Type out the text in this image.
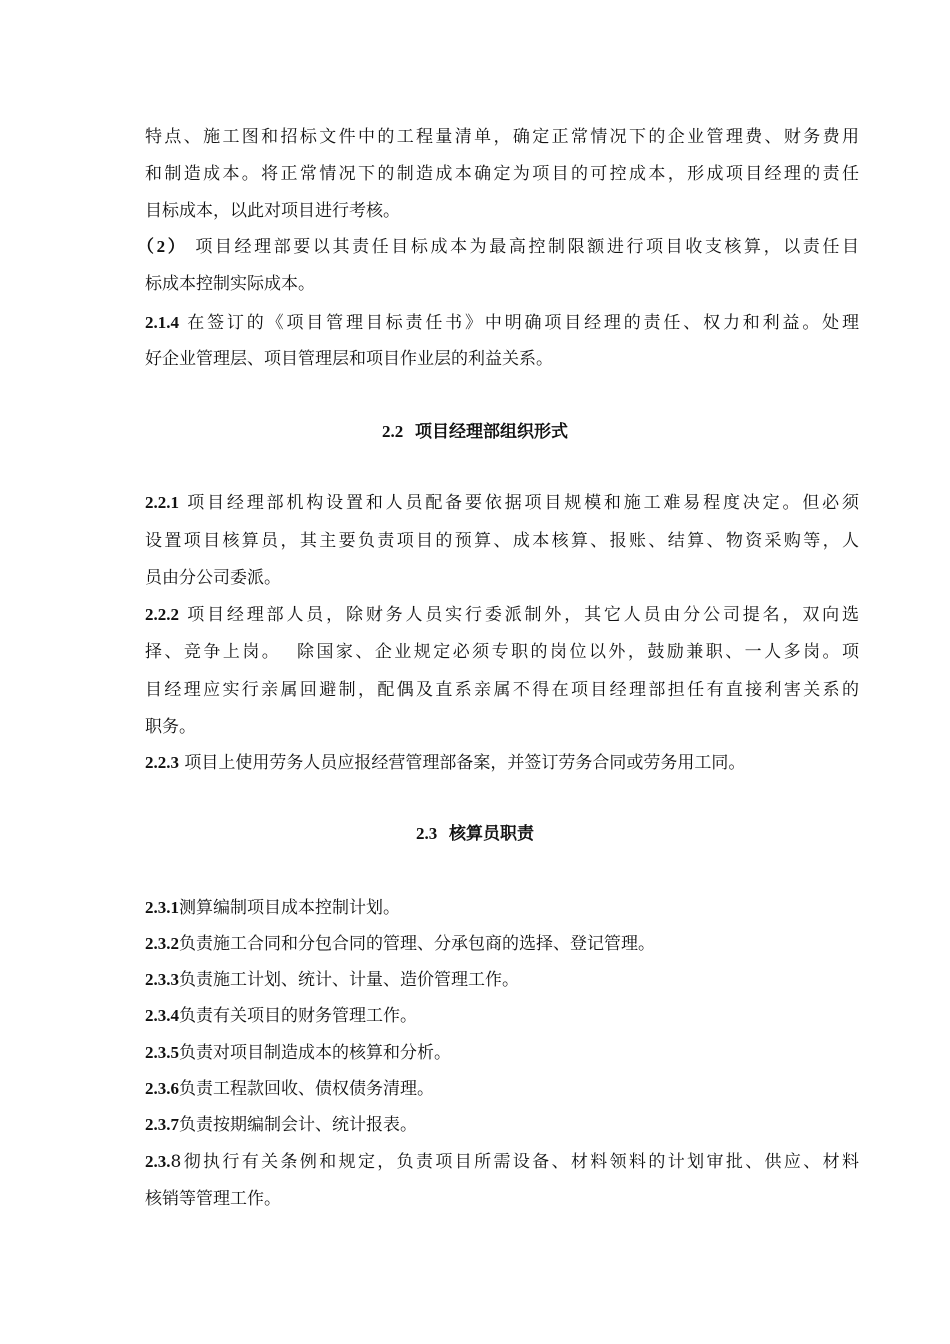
特点、施工图和招标文件中的工程量清单，确定正常情况下的企业管理费、财务费用
和制造成本。将正常情况下的制造成本确定为项目的可控成本，形成项目经理的责任
目标成本，以此对项目进行考核。
（2） 项目经理部要以其责任目标成本为最高控制限额进行项目收支核算，以责任目
标成本控制实际成本。
2.1.4 在签订的《项目管理目标责任书》中明确项目经理的责任、权力和利益。处理
好企业管理层、项目管理层和项目作业层的利益关系。
2.2 项目经理部组织形式
2.2.1 项目经理部机构设置和人员配备要依据项目规模和施工难易程度决定。但必须
设置项目核算员，其主要负责项目的预算、成本核算、报账、结算、物资采购等，人
员由分公司委派。
2.2.2 项目经理部人员，除财务人员实行委派制外，其它人员由分公司提名，双向选
择、竞争上岗。  除国家、企业规定必须专职的岗位以外，鼓励兼职、一人多岗。项
目经理应实行亲属回避制，配偶及直系亲属不得在项目经理部担任有直接利害关系的
职务。
2.2.3 项目上使用劳务人员应报经营管理部备案，并签订劳务合同或劳务用工同。
2.3 核算员职责
2.3.1测算编制项目成本控制计划。
2.3.2负责施工合同和分包合同的管理、分承包商的选择、登记管理。
2.3.3负责施工计划、统计、计量、造价管理工作。
2.3.4负责有关项目的财务管理工作。
2.3.5负责对项目制造成本的核算和分析。
2.3.6负责工程款回收、债权债务清理。
2.3.7负责按期编制会计、统计报表。
2.3.8彻执行有关条例和规定，负责项目所需设备、材料领料的计划审批、供应、材料
核销等管理工作。
